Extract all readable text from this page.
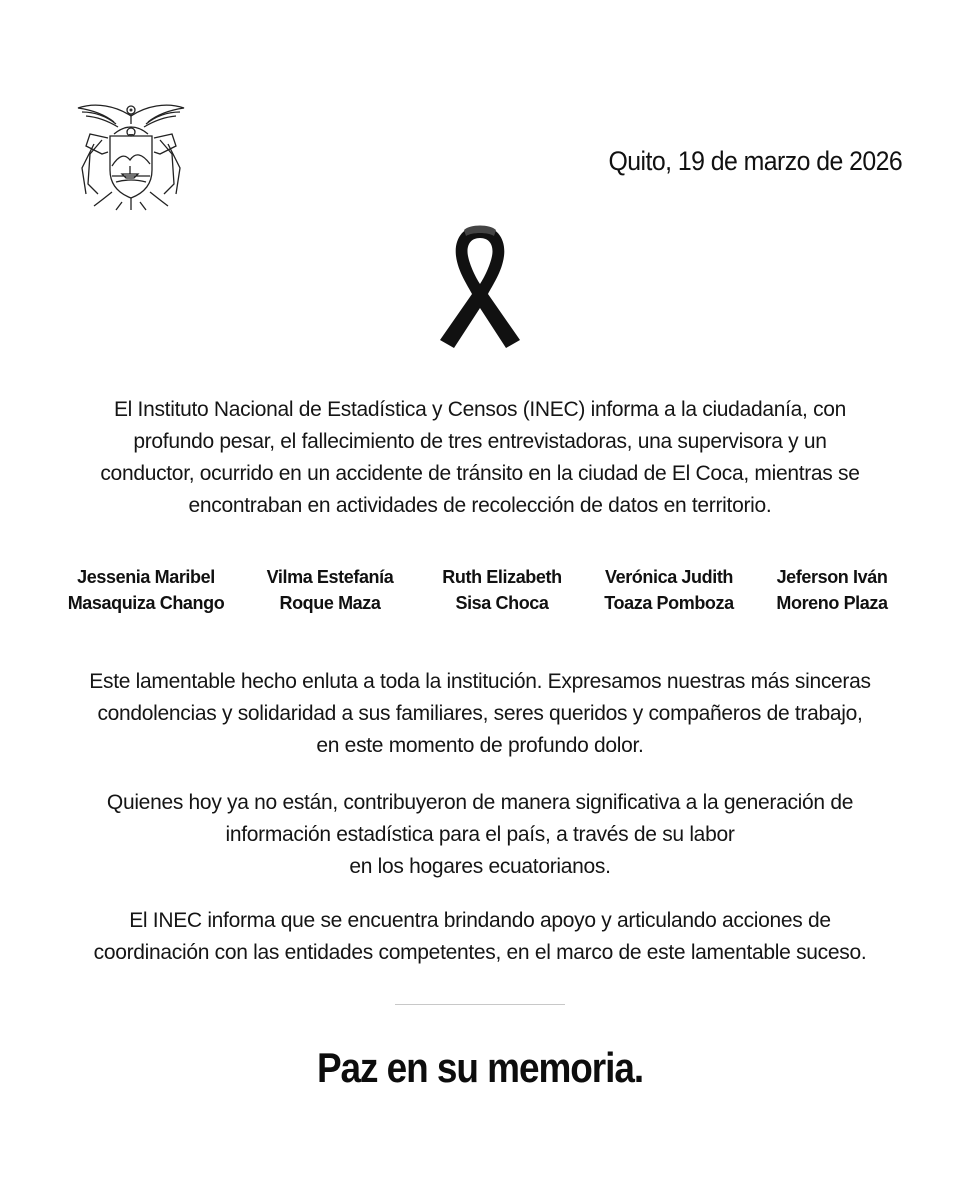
Quito, 19 de marzo de 2026
El Instituto Nacional de Estadística y Censos (INEC) informa a la ciudadanía, con
profundo pesar, el fallecimiento de tres entrevistadoras, una supervisora y un
conductor, ocurrido en un accidente de tránsito en la ciudad de El Coca, mientras se
encontraban en actividades de recolección de datos en territorio.
Jessenia Maribel
Masaquiza Chango
Vilma Estefanía
Roque Maza
Ruth Elizabeth
Sisa Choca
Verónica Judith
Toaza Pomboza
Jeferson Iván
Moreno Plaza
Este lamentable hecho enluta a toda la institución. Expresamos nuestras más sinceras
condolencias y solidaridad a sus familiares, seres queridos y compañeros de trabajo,
en este momento de profundo dolor.
Quienes hoy ya no están, contribuyeron de manera significativa a la generación de
información estadística para el país, a través de su labor
en los hogares ecuatorianos.
El INEC informa que se encuentra brindando apoyo y articulando acciones de
coordinación con las entidades competentes, en el marco de este lamentable suceso.
Paz en su memoria.
